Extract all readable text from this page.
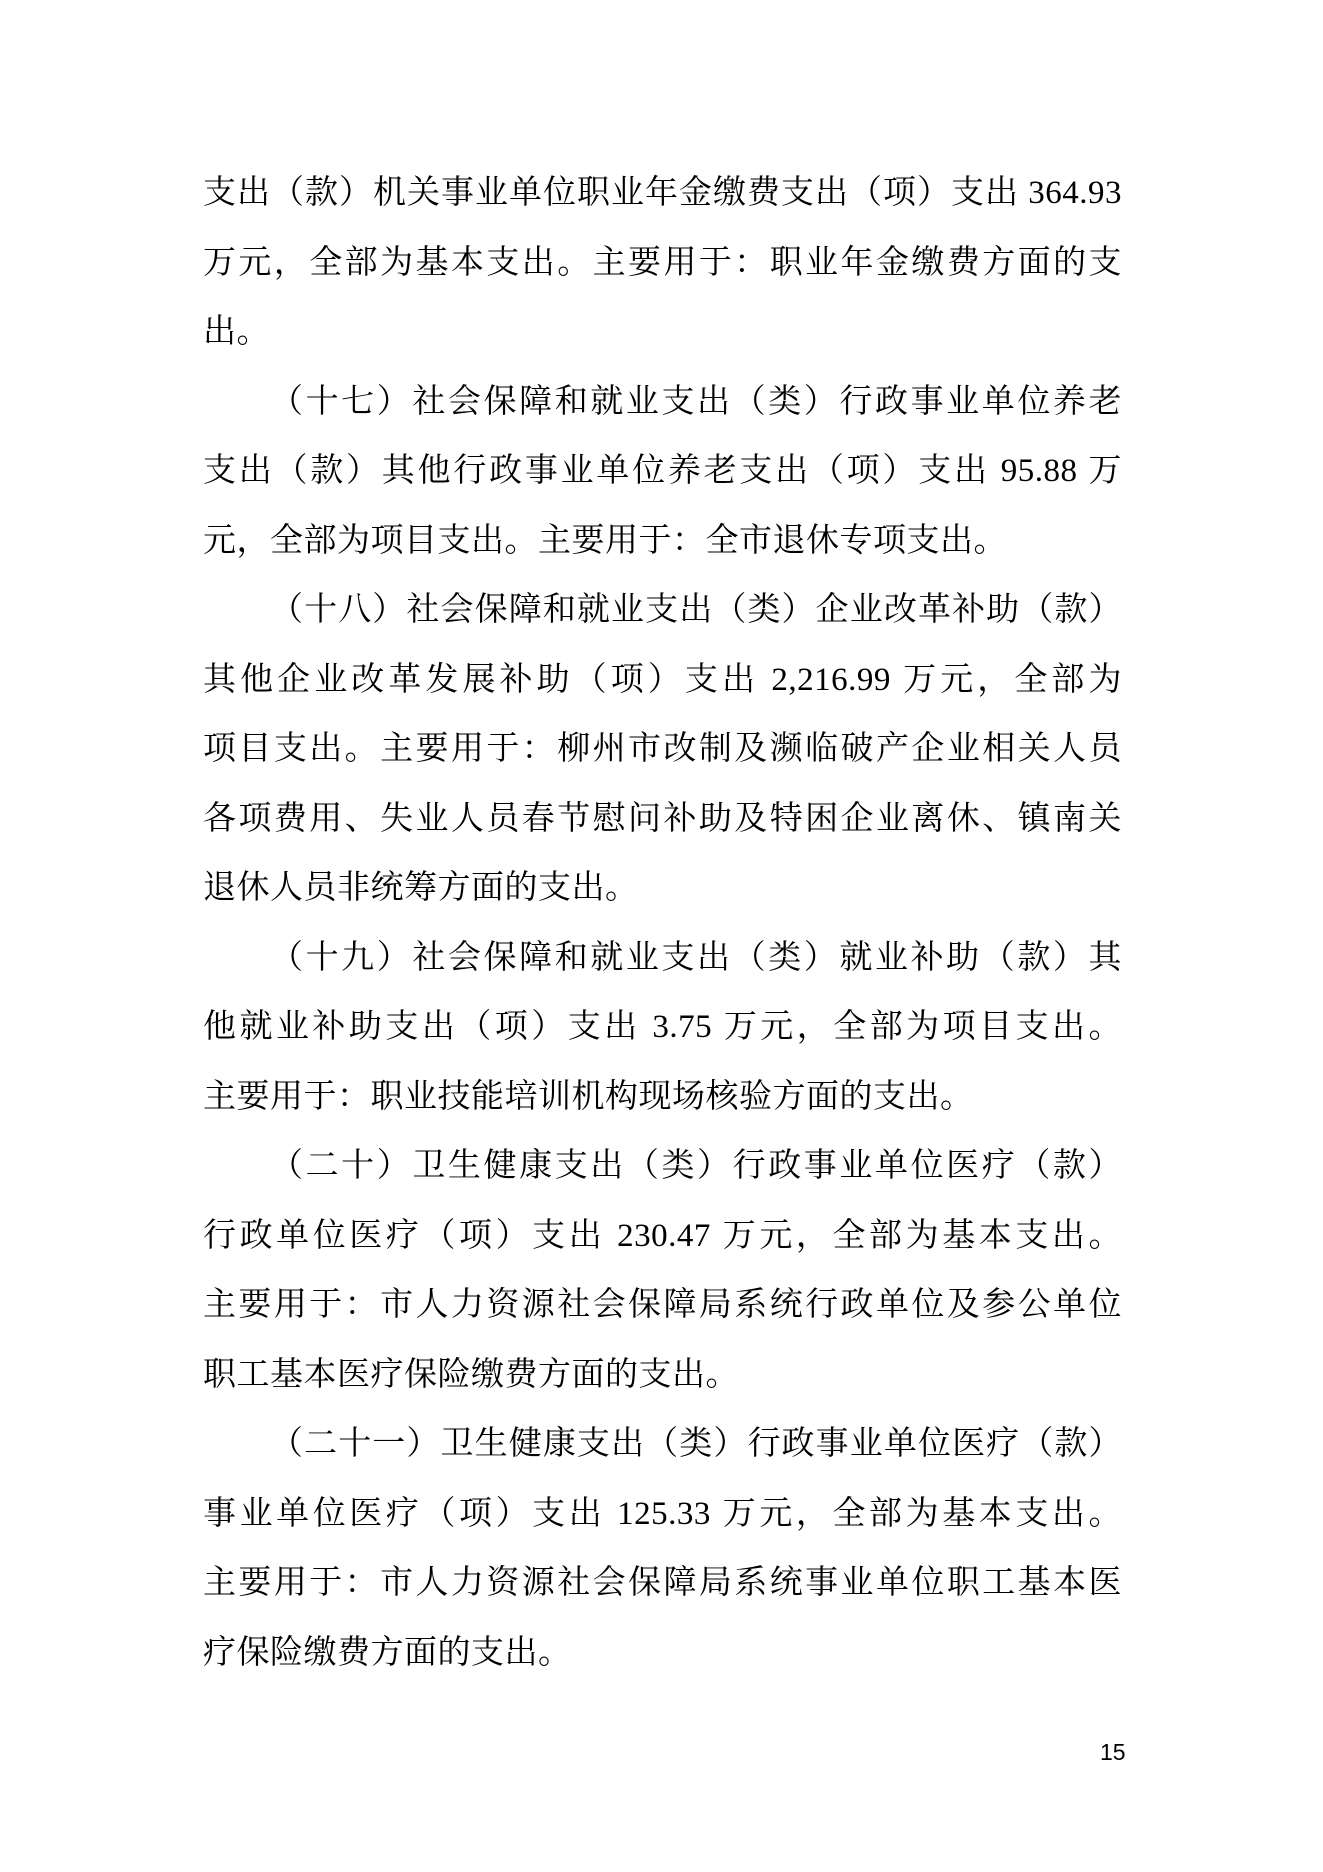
支出（款）机关事业单位职业年金缴费支出（项）支出 364.93
万元，全部为基本支出。主要用于：职业年金缴费方面的支
出。
（十七）社会保障和就业支出（类）行政事业单位养老
支出（款）其他行政事业单位养老支出（项）支出 95.88 万
元，全部为项目支出。主要用于：全市退休专项支出。
（十八）社会保障和就业支出（类）企业改革补助（款）
其他企业改革发展补助（项）支出 2,216.99 万元，全部为
项目支出。主要用于：柳州市改制及濒临破产企业相关人员
各项费用、失业人员春节慰问补助及特困企业离休、镇南关
退休人员非统筹方面的支出。
（十九）社会保障和就业支出（类）就业补助（款）其
他就业补助支出（项）支出 3.75 万元，全部为项目支出。
主要用于：职业技能培训机构现场核验方面的支出。
（二十）卫生健康支出（类）行政事业单位医疗（款）
行政单位医疗（项）支出 230.47 万元，全部为基本支出。
主要用于：市人力资源社会保障局系统行政单位及参公单位
职工基本医疗保险缴费方面的支出。
（二十一）卫生健康支出（类）行政事业单位医疗（款）
事业单位医疗（项）支出 125.33 万元，全部为基本支出。
主要用于：市人力资源社会保障局系统事业单位职工基本医
疗保险缴费方面的支出。
15
